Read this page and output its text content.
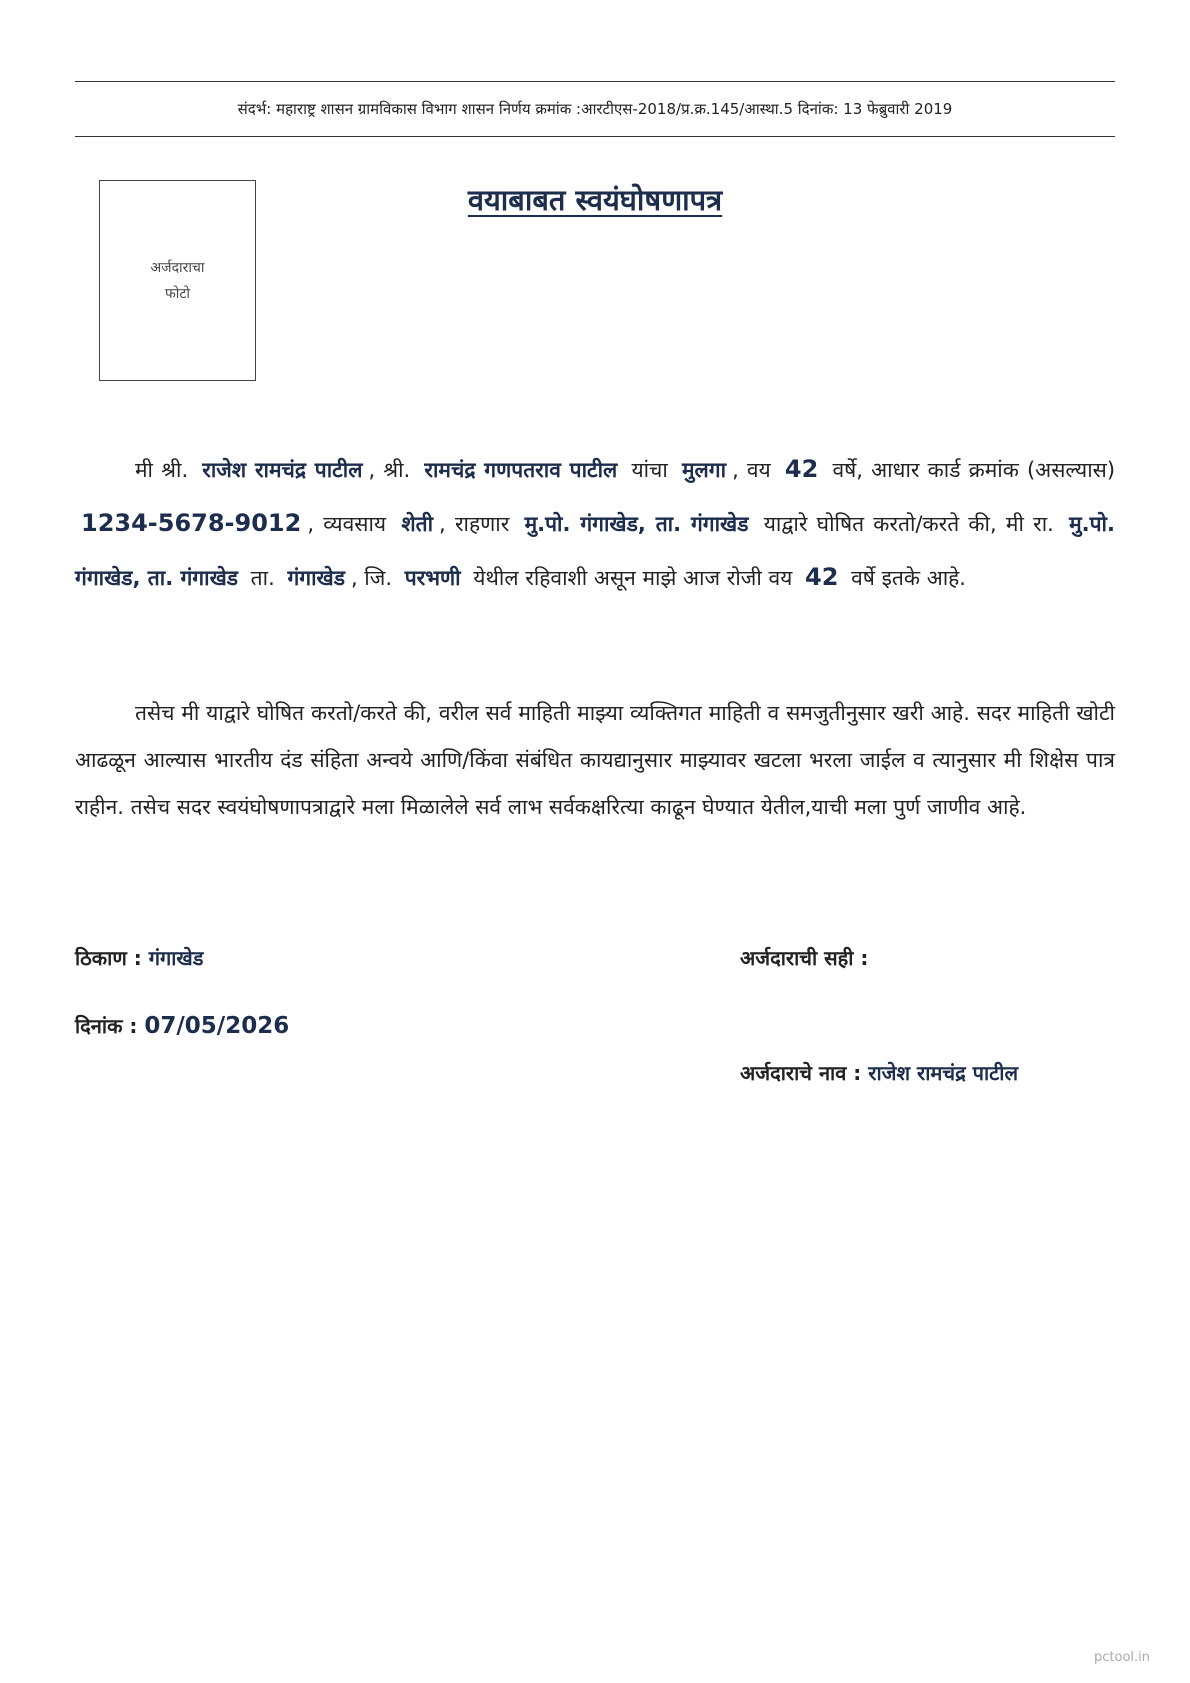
संदर्भ: महाराष्ट्र शासन ग्रामविकास विभाग शासन निर्णय क्रमांक :आरटीएस-2018/प्र.क्र.145/आस्था.5 दिनांक: 13 फेब्रुवारी 2019
अर्जदाराचा
फोटो
वयाबाबत स्वयंघोषणापत्र

मी श्री. राजेश रामचंद्र पाटील , श्री. रामचंद्र गणपतराव पाटील यांचा मुलगा , वय 42 वर्षे, आधार कार्ड क्रमांक (असल्यास) 1234-5678-9012 , व्यवसाय शेती , राहणार मु.पो. गंगाखेड, ता. गंगाखेड याद्वारे घोषित करतो/करते की, मी रा. मु.पो. गंगाखेड, ता. गंगाखेड ता. गंगाखेड , जि. परभणी येथील रहिवाशी असून माझे आज रोजी वय 42 वर्षे इतके आहे.

तसेच मी याद्वारे घोषित करतो/करते की, वरील सर्व माहिती माझ्या व्यक्तिगत माहिती व समजुतीनुसार खरी आहे. सदर माहिती खोटी आढळून आल्यास भारतीय दंड संहिता अन्वये आणि/किंवा संबंधित कायद्यानुसार माझ्यावर खटला भरला जाईल व त्यानुसार मी शिक्षेस पात्र राहीन. तसेच सदर स्वयंघोषणापत्राद्वारे मला मिळालेले सर्व लाभ सर्वकक्षरित्या काढून घेण्यात येतील,याची मला पुर्ण जाणीव आहे.

ठिकाण : गंगाखेड
दिनांक : 07/05/2026
अर्जदाराची सही :
अर्जदाराचे नाव : राजेश रामचंद्र पाटील
pctool.in
